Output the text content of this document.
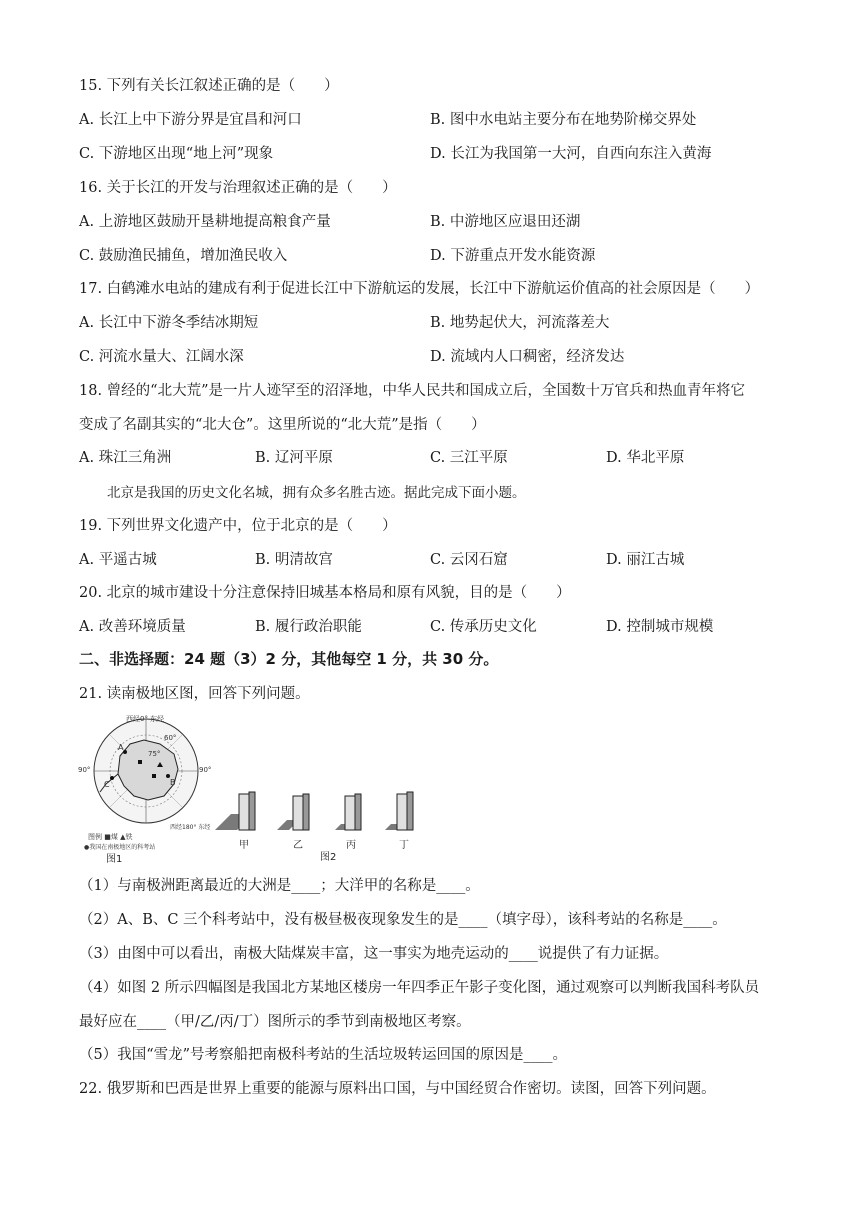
15. 下列有关长江叙述正确的是（　　）
A. 长江上中下游分界是宜昌和河口	B. 图中水电站主要分布在地势阶梯交界处
C. 下游地区出现“地上河”现象	D. 长江为我国第一大河，自西向东注入黄海
16. 关于长江的开发与治理叙述正确的是（　　）
A. 上游地区鼓励开垦耕地提高粮食产量	B. 中游地区应退田还湖
C. 鼓励渔民捕鱼，增加渔民收入	D. 下游重点开发水能资源
17. 白鹤滩水电站的建成有利于促进长江中下游航运的发展，长江中下游航运价值高的社会原因是（　　）
A. 长江中下游冬季结冰期短	B. 地势起伏大，河流落差大
C. 河流水量大、江阔水深	D. 流域内人口稠密，经济发达
18. 曾经的“北大荒”是一片人迹罕至的沼泽地，中华人民共和国成立后，全国数十万官兵和热血青年将它
变成了名副其实的“北大仓”。这里所说的“北大荒”是指（　　）
A. 珠江三角洲	B. 辽河平原	C. 三江平原	D. 华北平原
北京是我国的历史文化名城，拥有众多名胜古迹。据此完成下面小题。
19. 下列世界文化遗产中，位于北京的是（　　）
A. 平遥古城	B. 明清故宫	C. 云冈石窟	D. 丽江古城
20. 北京的城市建设十分注意保持旧城基本格局和原有风貌，目的是（　　）
A. 改善环境质量	B. 履行政治职能	C. 传承历史文化	D. 控制城市规模
二、非选择题：24 题（3）2 分，其他每空 1 分，共 30 分。
21. 读南极地区图，回答下列问题。
西经0° 东经
90°	90°
60°
75°
A
B
C
西经180° 东经
图例 ■煤 ▲铁
●我国在南极地区的科考站
图1
甲	乙	丙	丁
图2
（1）与南极洲距离最近的大洲是____；大洋甲的名称是____。
（2）A、B、C 三个科考站中，没有极昼极夜现象发生的是____（填字母），该科考站的名称是____。
（3）由图中可以看出，南极大陆煤炭丰富，这一事实为地壳运动的____说提供了有力证据。
（4）如图 2 所示四幅图是我国北方某地区楼房一年四季正午影子变化图，通过观察可以判断我国科考队员
最好应在____（甲/乙/丙/丁）图所示的季节到南极地区考察。
（5）我国“雪龙”号考察船把南极科考站的生活垃圾转运回国的原因是____。
22. 俄罗斯和巴西是世界上重要的能源与原料出口国，与中国经贸合作密切。读图，回答下列问题。
